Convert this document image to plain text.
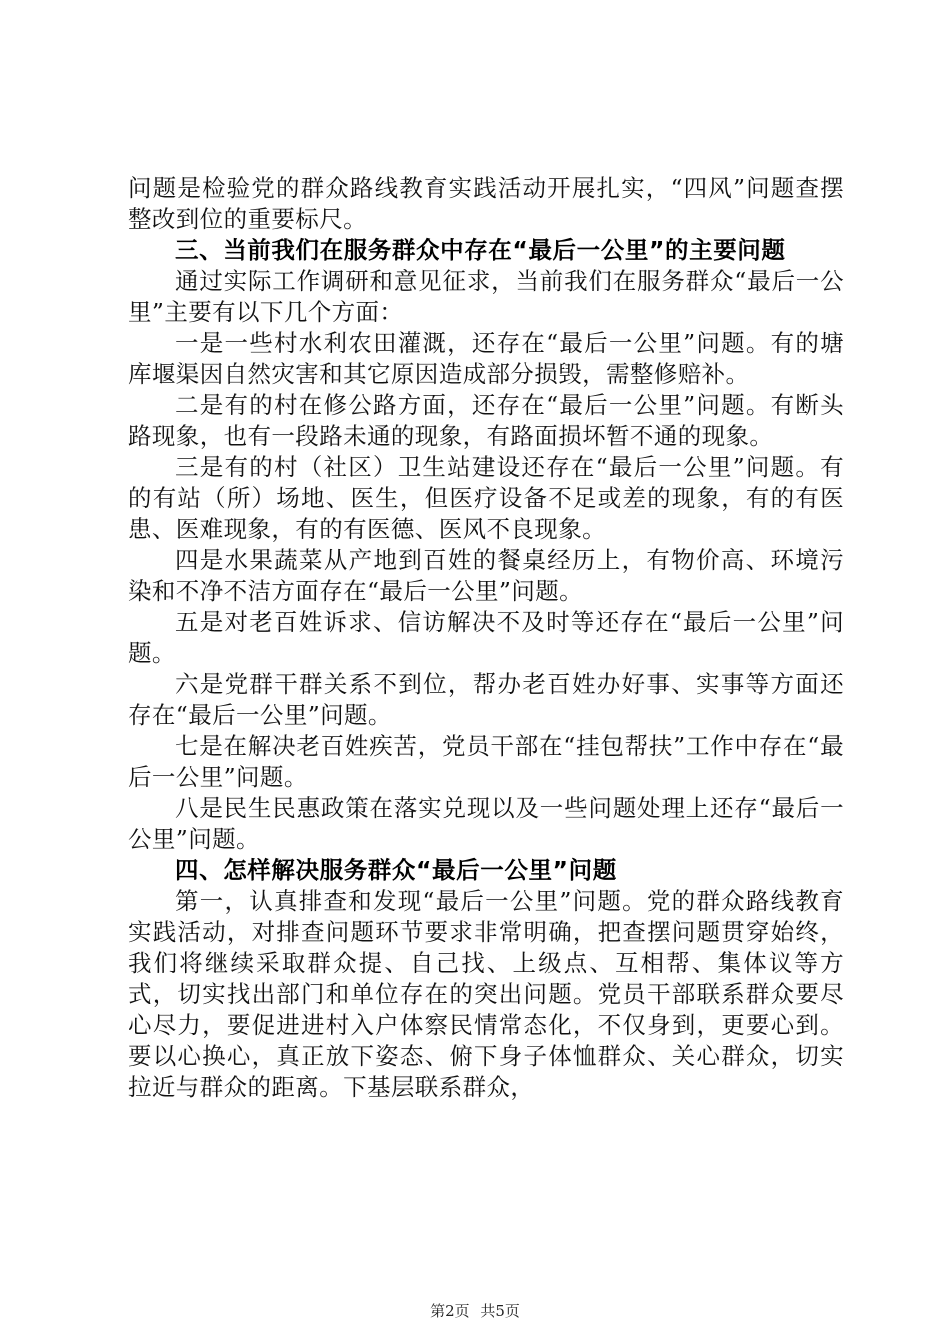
问题是检验党的群众路线教育实践活动开展扎实，“四风”问题查摆整改到位的重要标尺。

三、当前我们在服务群众中存在“最后一公里”的主要问题

通过实际工作调研和意见征求，当前我们在服务群众“最后一公里”主要有以下几个方面：

一是一些村水利农田灌溉，还存在“最后一公里”问题。有的塘库堰渠因自然灾害和其它原因造成部分损毁，需整修赔补。

二是有的村在修公路方面，还存在“最后一公里”问题。有断头路现象，也有一段路未通的现象，有路面损坏暂不通的现象。

三是有的村（社区）卫生站建设还存在“最后一公里”问题。有的有站（所）场地、医生，但医疗设备不足或差的现象，有的有医患、医难现象，有的有医德、医风不良现象。

四是水果蔬菜从产地到百姓的餐桌经历上，有物价高、环境污染和不净不洁方面存在“最后一公里”问题。

五是对老百姓诉求、信访解决不及时等还存在“最后一公里”问题。

六是党群干群关系不到位，帮办老百姓办好事、实事等方面还存在“最后一公里”问题。

七是在解决老百姓疾苦，党员干部在“挂包帮扶”工作中存在“最后一公里”问题。

八是民生民惠政策在落实兑现以及一些问题处理上还存“最后一公里”问题。

四、怎样解决服务群众“最后一公里”问题

第一，认真排查和发现“最后一公里”问题。党的群众路线教育实践活动，对排查问题环节要求非常明确，把查摆问题贯穿始终，我们将继续采取群众提、自己找、上级点、互相帮、集体议等方式，切实找出部门和单位存在的突出问题。党员干部联系群众要尽心尽力，要促进进村入户体察民情常态化，不仅身到，更要心到。要以心换心，真正放下姿态、俯下身子体恤群众、关心群众，切实拉近与群众的距离。下基层联系群众，

第2页 共5页
